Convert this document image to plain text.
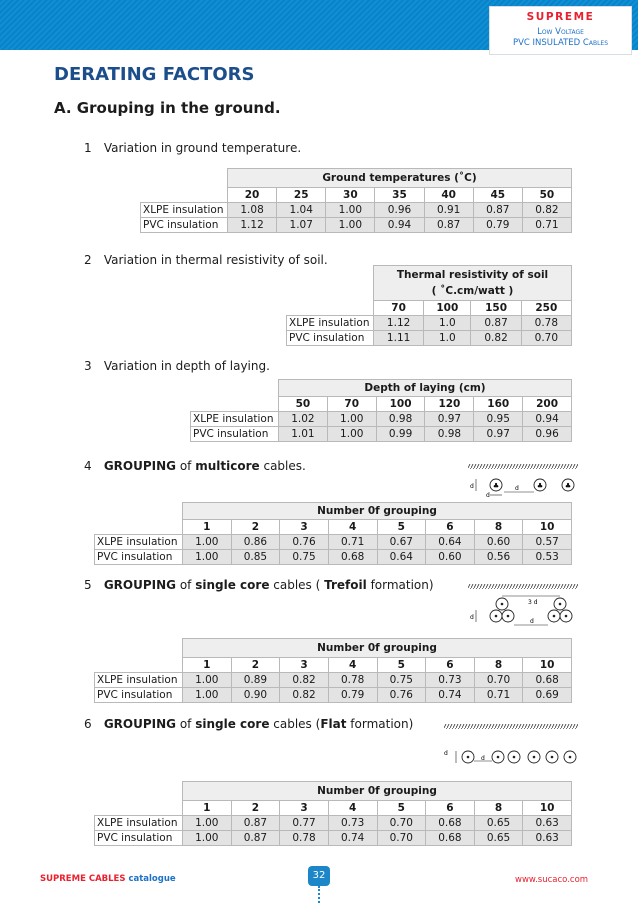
SUPREME
Low Voltage
PVC INSULATED Cables
DERATING FACTORS
A. Grouping in the ground.
1 Variation in ground temperature.
	Ground temperatures (˚C)						
	20	25	30	35	40	45	50
XLPE insulation	1.08	1.04	1.00	0.96	0.91	0.87	0.82
PVC insulation	1.12	1.07	1.00	0.94	0.87	0.79	0.71
2 Variation in thermal resistivity of soil.

	Thermal resistivity of soil
( ˚C.cm/watt )			

	70	100	150	250
XLPE insulation	1.12	1.0	0.87	0.78
PVC insulation	1.11	1.0	0.82	0.70
3 Variation in depth of laying.
	Depth of laying (cm)					
	50	70	100	120	160	200
XLPE insulation	1.02	1.00	0.98	0.97	0.95	0.94
PVC insulation	1.01	1.00	0.99	0.98	0.97	0.96
4 GROUPING of multicore cables.
♣	♣	♣
d
d
d
	Number 0f grouping							
	1	2	3	4	5	6	8	10
XLPE insulation	1.00	0.86	0.76	0.71	0.67	0.64	0.60	0.57
PVC insulation	1.00	0.85	0.75	0.68	0.64	0.60	0.56	0.53
5 GROUPING of single core cables ( Trefoil formation)
3 d
d
d
	Number 0f grouping							
	1	2	3	4	5	6	8	10
XLPE insulation	1.00	0.89	0.82	0.78	0.75	0.73	0.70	0.68
PVC insulation	1.00	0.90	0.82	0.79	0.76	0.74	0.71	0.69
6 GROUPING of single core cables (Flat formation)
d
d
	Number 0f grouping							
	1	2	3	4	5	6	8	10
XLPE insulation	1.00	0.87	0.77	0.73	0.70	0.68	0.65	0.63
PVC insulation	1.00	0.87	0.78	0.74	0.70	0.68	0.65	0.63
SUPREME CABLES catalogue	32	www.sucaco.com
